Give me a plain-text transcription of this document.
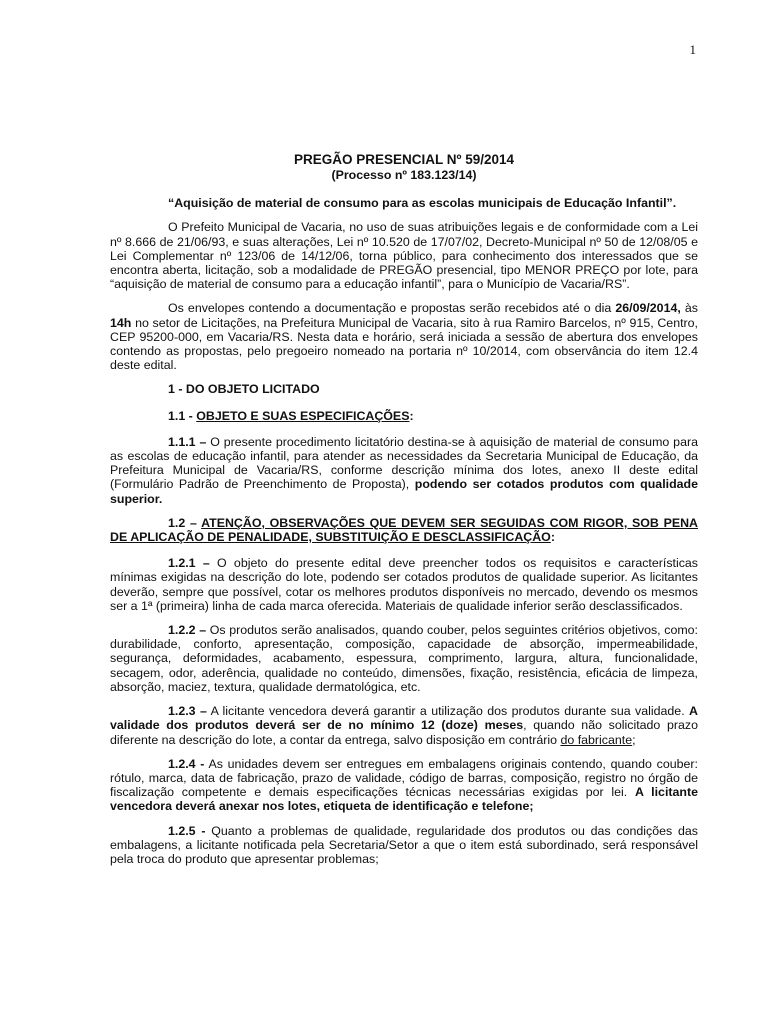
1
PREGÃO PRESENCIAL Nº 59/2014
(Processo nº 183.123/14)

“Aquisição de material de consumo para as escolas municipais de Educação Infantil”.

O Prefeito Municipal de Vacaria, no uso de suas atribuições legais e de conformidade com a Lei nº 8.666 de 21/06/93, e suas alterações, Lei nº 10.520 de 17/07/02, Decreto-Municipal nº 50 de 12/08/05 e Lei Complementar nº 123/06 de 14/12/06, torna público, para conhecimento dos interessados que se encontra aberta, licitação, sob a modalidade de PREGÃO presencial, tipo MENOR PREÇO por lote, para “aquisição de material de consumo para a educação infantil”, para o Município de Vacaria/RS”.

Os envelopes contendo a documentação e propostas serão recebidos até o dia 26/09/2014, às 14h no setor de Licitações, na Prefeitura Municipal de Vacaria, sito à rua Ramiro Barcelos, nº 915, Centro, CEP 95200-000, em Vacaria/RS. Nesta data e horário, será iniciada a sessão de abertura dos envelopes contendo as propostas, pelo pregoeiro nomeado na portaria nº 10/2014, com observância do item 12.4 deste edital.

1 - DO OBJETO LICITADO

1.1 - OBJETO E SUAS ESPECIFICAÇÕES:

1.1.1 – O presente procedimento licitatório destina-se à aquisição de material de consumo para as escolas de educação infantil, para atender as necessidades da Secretaria Municipal de Educação, da Prefeitura Municipal de Vacaria/RS, conforme descrição mínima dos lotes, anexo II deste edital (Formulário Padrão de Preenchimento de Proposta), podendo ser cotados produtos com qualidade superior.

1.2 – ATENÇÃO, OBSERVAÇÕES QUE DEVEM SER SEGUIDAS COM RIGOR, SOB PENA DE APLICAÇÃO DE PENALIDADE, SUBSTITUIÇÃO E DESCLASSIFICAÇÃO:

1.2.1 – O objeto do presente edital deve preencher todos os requisitos e características mínimas exigidas na descrição do lote, podendo ser cotados produtos de qualidade superior. As licitantes deverão, sempre que possível, cotar os melhores produtos disponíveis no mercado, devendo os mesmos ser a 1ª (primeira) linha de cada marca oferecida. Materiais de qualidade inferior serão desclassificados.

1.2.2 – Os produtos serão analisados, quando couber, pelos seguintes critérios objetivos, como: durabilidade, conforto, apresentação, composição, capacidade de absorção, impermeabilidade, segurança, deformidades, acabamento, espessura, comprimento, largura, altura, funcionalidade, secagem, odor, aderência, qualidade no conteúdo, dimensões, fixação, resistência, eficácia de limpeza, absorção, maciez, textura, qualidade dermatológica, etc.

1.2.3 – A licitante vencedora deverá garantir a utilização dos produtos durante sua validade. A validade dos produtos deverá ser de no mínimo 12 (doze) meses, quando não solicitado prazo diferente na descrição do lote, a contar da entrega, salvo disposição em contrário do fabricante;

1.2.4 - As unidades devem ser entregues em embalagens originais contendo, quando couber: rótulo, marca, data de fabricação, prazo de validade, código de barras, composição, registro no órgão de fiscalização competente e demais especificações técnicas necessárias exigidas por lei. A licitante vencedora deverá anexar nos lotes, etiqueta de identificação e telefone;

1.2.5 - Quanto a problemas de qualidade, regularidade dos produtos ou das condições das embalagens, a licitante notificada pela Secretaria/Setor a que o item está subordinado, será responsável pela troca do produto que apresentar problemas;
